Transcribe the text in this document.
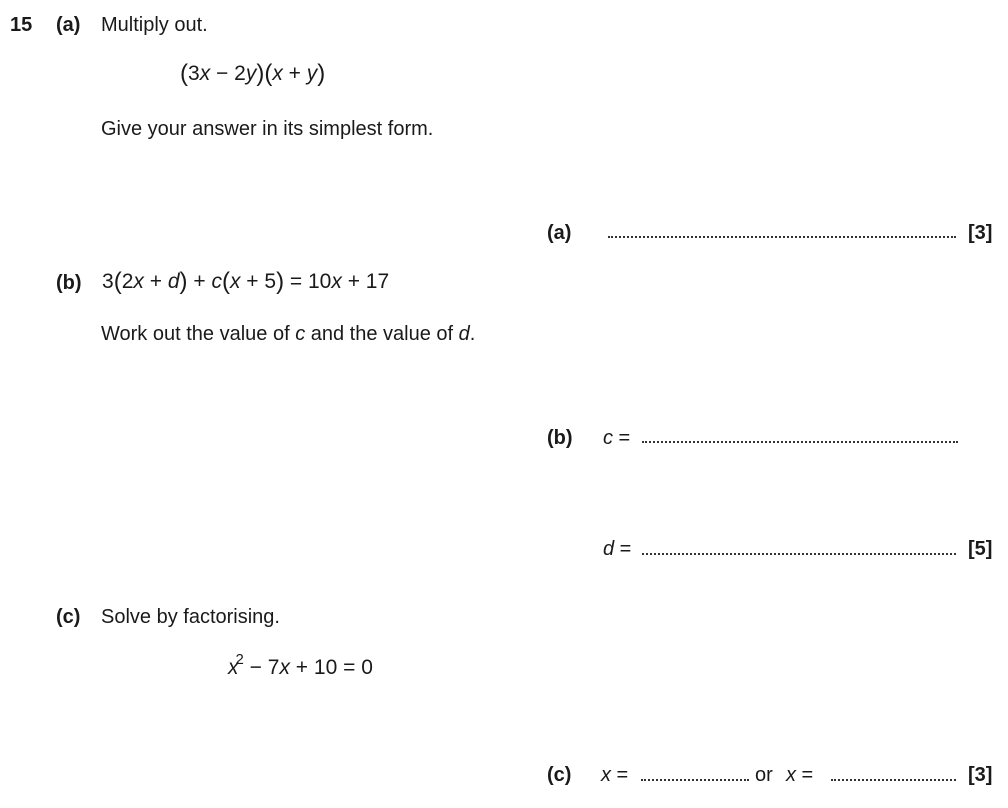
15 (a) Multiply out.
(3x − 2y)(x + y)
Give your answer in its simplest form.
(a)	[3]
(b) 3(2x + d) + c(x + 5) = 10x + 17
Work out the value of c and the value of d.
(b) c =
d =	[5]
(c) Solve by factorising.
$x^2 - 7x + 10 = 0$
(c) x =	or x =	[3]
